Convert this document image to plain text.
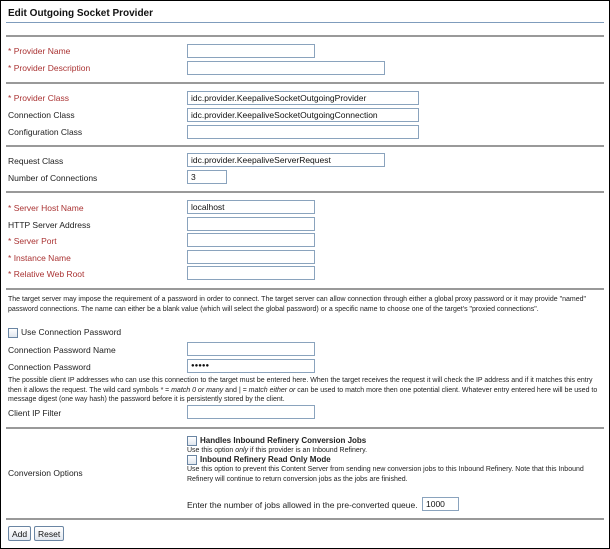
Edit Outgoing Socket Provider
* Provider Name
* Provider Description
* Provider Class
idc.provider.KeepaliveSocketOutgoingProvider
Connection Class
idc.provider.KeepaliveSocketOutgoingConnection
Configuration Class
Request Class
idc.provider.KeepaliveServerRequest
Number of Connections
3
* Server Host Name
localhost
HTTP Server Address
* Server Port
* Instance Name
* Relative Web Root
The target server may impose the requirement of a password in order to connect. The target server can allow connection through either a global proxy password or it may provide "named" password connections. The name can either be a blank value (which will select the global password) or a specific name to choose one of the target's "proxied connections".
Use Connection Password
Connection Password Name
Connection Password
●●●●●
The possible client IP addresses who can use this connection to the target must be entered here. When the target receives the request it will check the IP address and if it matches this entry then it allows the request. The wild card symbols * = match 0 or many and | = match either or can be used to match more then one potential client. Whatever entry entered here will be used to message digest (one way hash) the password before it is persistently stored by the client.
Client IP Filter
Conversion Options
Handles Inbound Refinery Conversion Jobs
Use this option only if this provider is an Inbound Refinery.
Inbound Refinery Read Only Mode
Use this option to prevent this Content Server from sending new conversion jobs to this Inbound Refinery. Note that this Inbound Refinery will continue to return conversion jobs as the jobs are finished.
Enter the number of jobs allowed in the pre-converted queue.
1000
Add	Reset
